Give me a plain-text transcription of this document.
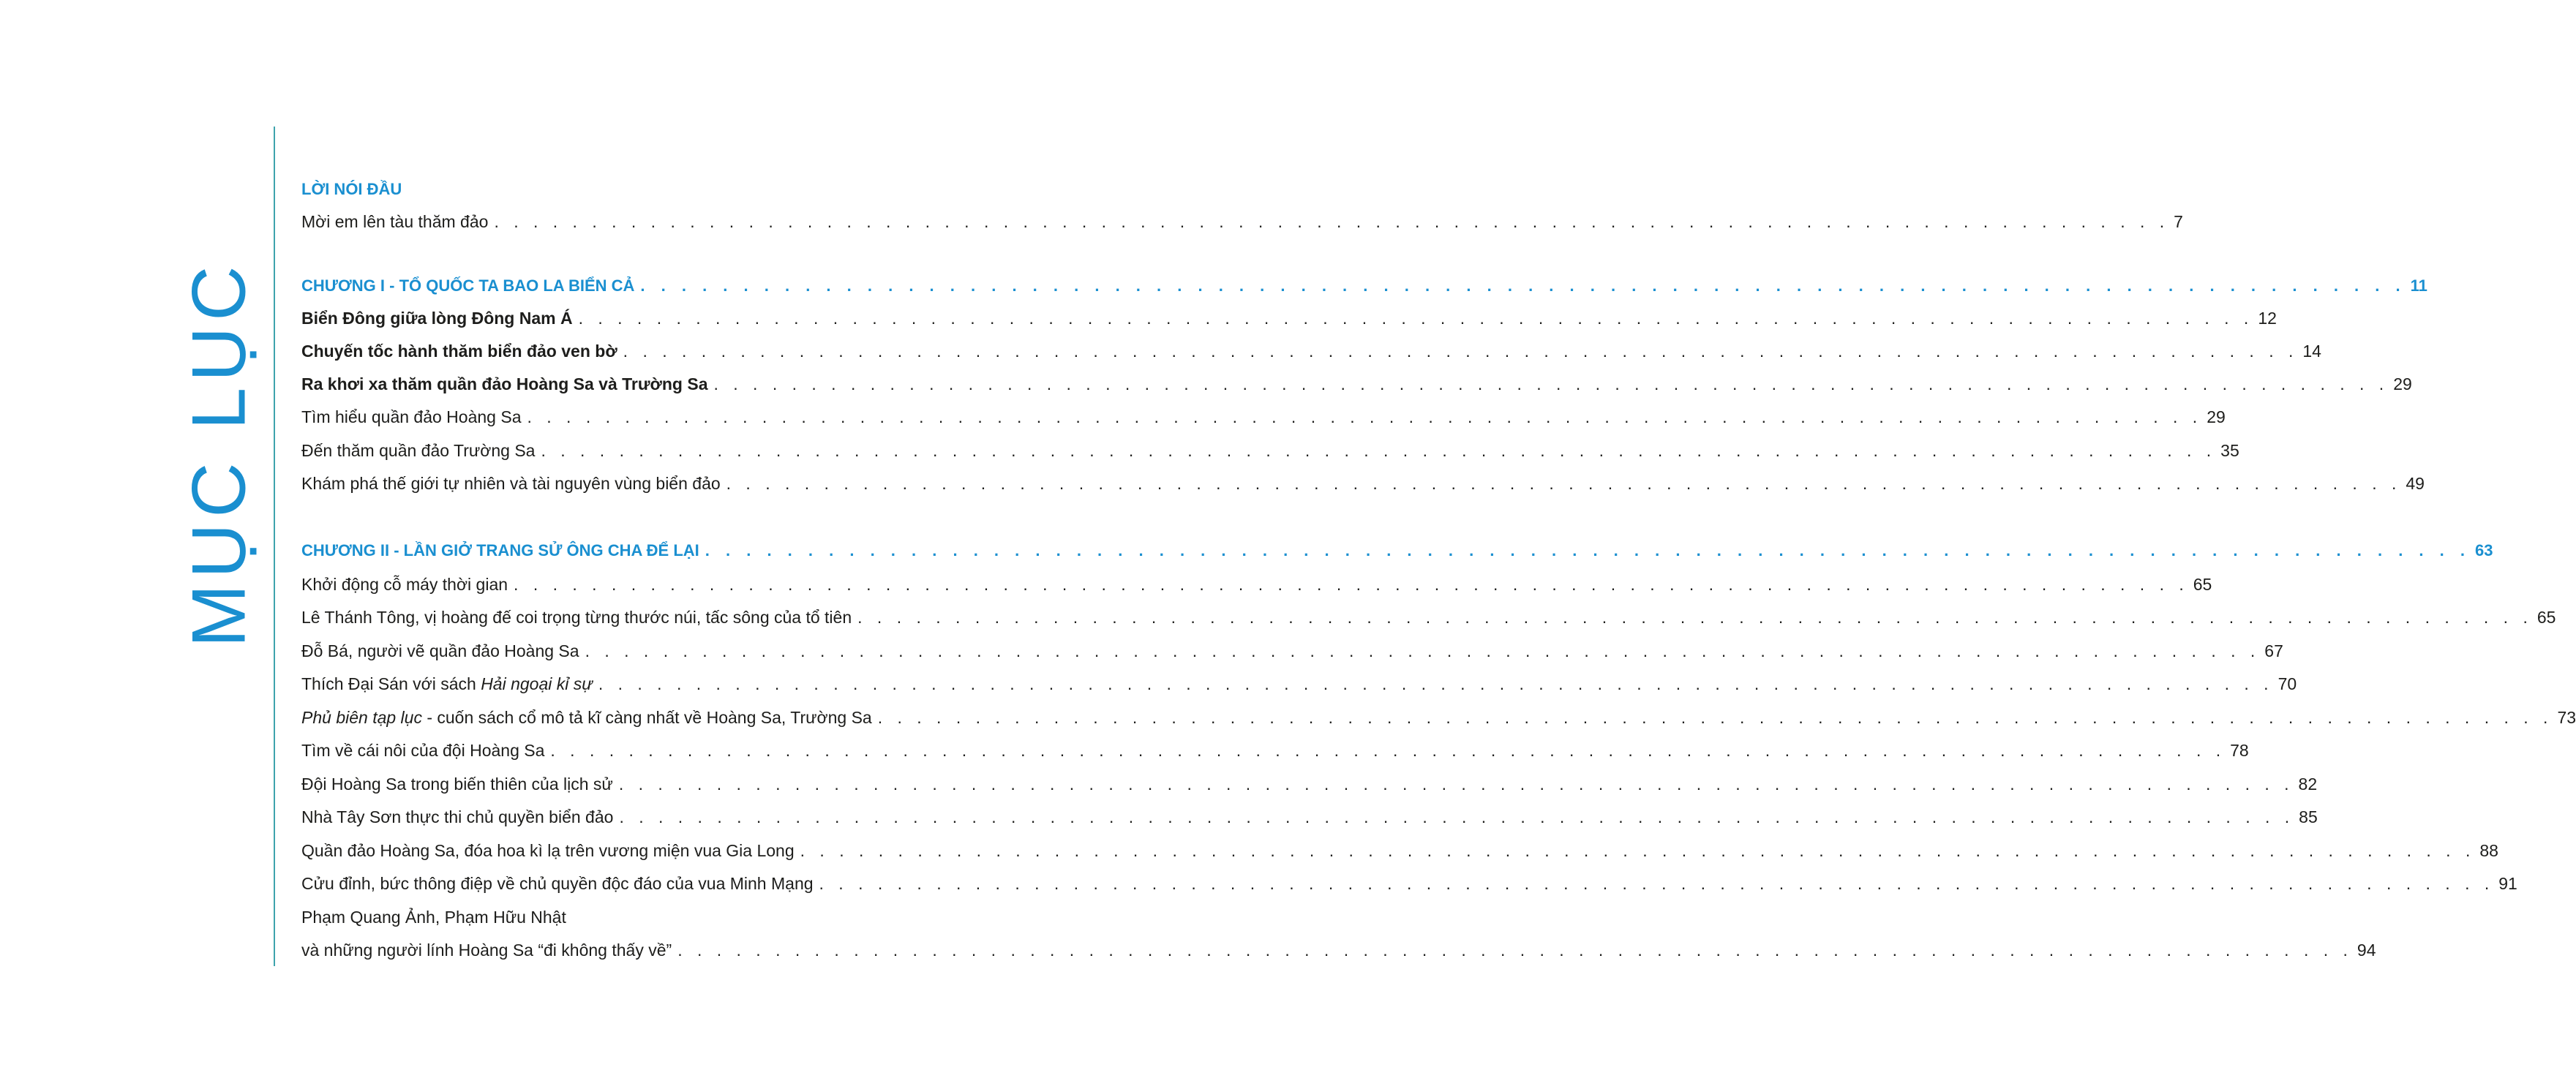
MỤC LỤC
LỜI NÓI ĐẦU
Mời em lên tàu thăm đảo . . . . . . . . . . . . . . . . . . . . . . . . . . . . . . . . . . . . . . . . . . . . . . . . . . . . . . . . . . . . . . . . . . . . . . . . . . . . . . . . . . . . . . 7
CHƯƠNG I - TỔ QUỐC TA BAO LA BIỂN CẢ . . . . . . . . . . . . . . . . . . . . . . . . . . . . . . . . . . . . . . . . . . . . . . . . . . . . . . . . . . . . . . . . . . . . . . . . . . . . . . . . . . . . . . 11
Biển Đông giữa lòng Đông Nam Á . . . . . . . . . . . . . . . . . . . . . . . . . . . . . . . . . . . . . . . . . . . . . . . . . . . . . . . . . . . . . . . . . . . . . . . . . . . . . . . . . . . . . . 12
Chuyến tốc hành thăm biển đảo ven bờ . . . . . . . . . . . . . . . . . . . . . . . . . . . . . . . . . . . . . . . . . . . . . . . . . . . . . . . . . . . . . . . . . . . . . . . . . . . . . . . . . . . . . . 14
Ra khơi xa thăm quần đảo Hoàng Sa và Trường Sa . . . . . . . . . . . . . . . . . . . . . . . . . . . . . . . . . . . . . . . . . . . . . . . . . . . . . . . . . . . . . . . . . . . . . . . . . . . . . . . . . . . . . . 29
Tìm hiểu quần đảo Hoàng Sa . . . . . . . . . . . . . . . . . . . . . . . . . . . . . . . . . . . . . . . . . . . . . . . . . . . . . . . . . . . . . . . . . . . . . . . . . . . . . . . . . . . . . . 29
Đến thăm quần đảo Trường Sa . . . . . . . . . . . . . . . . . . . . . . . . . . . . . . . . . . . . . . . . . . . . . . . . . . . . . . . . . . . . . . . . . . . . . . . . . . . . . . . . . . . . . . 35
Khám phá thế giới tự nhiên và tài nguyên vùng biển đảo . . . . . . . . . . . . . . . . . . . . . . . . . . . . . . . . . . . . . . . . . . . . . . . . . . . . . . . . . . . . . . . . . . . . . . . . . . . . . . . . . . . . . . 49
CHƯƠNG II - LẦN GIỞ TRANG SỬ ÔNG CHA ĐỂ LẠI . . . . . . . . . . . . . . . . . . . . . . . . . . . . . . . . . . . . . . . . . . . . . . . . . . . . . . . . . . . . . . . . . . . . . . . . . . . . . . . . . . . . . . 63
Khởi động cỗ máy thời gian . . . . . . . . . . . . . . . . . . . . . . . . . . . . . . . . . . . . . . . . . . . . . . . . . . . . . . . . . . . . . . . . . . . . . . . . . . . . . . . . . . . . . . 65
Lê Thánh Tông, vị hoàng đế coi trọng từng thước núi, tấc sông của tổ tiên . . . . . . . . . . . . . . . . . . . . . . . . . . . . . . . . . . . . . . . . . . . . . . . . . . . . . . . . . . . . . . . . . . . . . . . . . . . . . . . . . . . . . . 65
Đỗ Bá, người vẽ quần đảo Hoàng Sa . . . . . . . . . . . . . . . . . . . . . . . . . . . . . . . . . . . . . . . . . . . . . . . . . . . . . . . . . . . . . . . . . . . . . . . . . . . . . . . . . . . . . . 67
Thích Đại Sán với sách Hải ngoại kỉ sự . . . . . . . . . . . . . . . . . . . . . . . . . . . . . . . . . . . . . . . . . . . . . . . . . . . . . . . . . . . . . . . . . . . . . . . . . . . . . . . . . . . . . . 70
Phủ biên tạp lục - cuốn sách cổ mô tả kĩ càng nhất về Hoàng Sa, Trường Sa . . . . . . . . . . . . . . . . . . . . . . . . . . . . . . . . . . . . . . . . . . . . . . . . . . . . . . . . . . . . . . . . . . . . . . . . . . . . . . . . . . . . . . 73
Tìm về cái nôi của đội Hoàng Sa . . . . . . . . . . . . . . . . . . . . . . . . . . . . . . . . . . . . . . . . . . . . . . . . . . . . . . . . . . . . . . . . . . . . . . . . . . . . . . . . . . . . . . 78
Đội Hoàng Sa trong biến thiên của lịch sử . . . . . . . . . . . . . . . . . . . . . . . . . . . . . . . . . . . . . . . . . . . . . . . . . . . . . . . . . . . . . . . . . . . . . . . . . . . . . . . . . . . . . . 82
Nhà Tây Sơn thực thi chủ quyền biển đảo . . . . . . . . . . . . . . . . . . . . . . . . . . . . . . . . . . . . . . . . . . . . . . . . . . . . . . . . . . . . . . . . . . . . . . . . . . . . . . . . . . . . . . 85
Quần đảo Hoàng Sa, đóa hoa kì lạ trên vương miện vua Gia Long . . . . . . . . . . . . . . . . . . . . . . . . . . . . . . . . . . . . . . . . . . . . . . . . . . . . . . . . . . . . . . . . . . . . . . . . . . . . . . . . . . . . . . 88
Cửu đỉnh, bức thông điệp về chủ quyền độc đáo của vua Minh Mạng . . . . . . . . . . . . . . . . . . . . . . . . . . . . . . . . . . . . . . . . . . . . . . . . . . . . . . . . . . . . . . . . . . . . . . . . . . . . . . . . . . . . . . 91
Phạm Quang Ảnh, Phạm Hữu Nhật
và những người lính Hoàng Sa “đi không thấy về” . . . . . . . . . . . . . . . . . . . . . . . . . . . . . . . . . . . . . . . . . . . . . . . . . . . . . . . . . . . . . . . . . . . . . . . . . . . . . . . . . . . . . . 94
